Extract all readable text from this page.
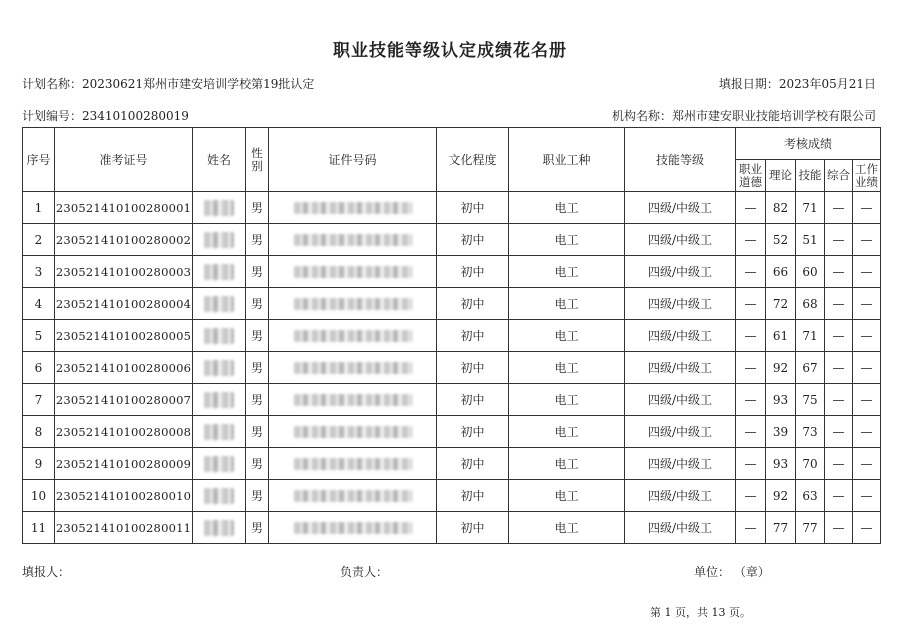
职业技能等级认定成绩花名册
计划名称：20230621郑州市建安培训学校第19批认定	填报日期：2023年05月21日
计划编号：23410100280019	机构名称：郑州市建安职业技能培训学校有限公司
序号	准考证号	姓名	性别	证件号码	文化程度	职业工种	技能等级	考核成绩				
								职业道德	理论	技能	综合	工作业绩
1	230521410100280001		男		初中	电工	四级/中级工	—	82	71	—	—
2	230521410100280002		男		初中	电工	四级/中级工	—	52	51	—	—
3	230521410100280003		男		初中	电工	四级/中级工	—	66	60	—	—
4	230521410100280004		男		初中	电工	四级/中级工	—	72	68	—	—
5	230521410100280005		男		初中	电工	四级/中级工	—	61	71	—	—
6	230521410100280006		男		初中	电工	四级/中级工	—	92	67	—	—
7	230521410100280007		男		初中	电工	四级/中级工	—	93	75	—	—
8	230521410100280008		男		初中	电工	四级/中级工	—	39	73	—	—
9	230521410100280009		男		初中	电工	四级/中级工	—	93	70	—	—
10	230521410100280010		男		初中	电工	四级/中级工	—	92	63	—	—
11	230521410100280011		男		初中	电工	四级/中级工	—	77	77	—	—
填报人：	负责人：	单位： （章）
第 1 页，共 13 页。
